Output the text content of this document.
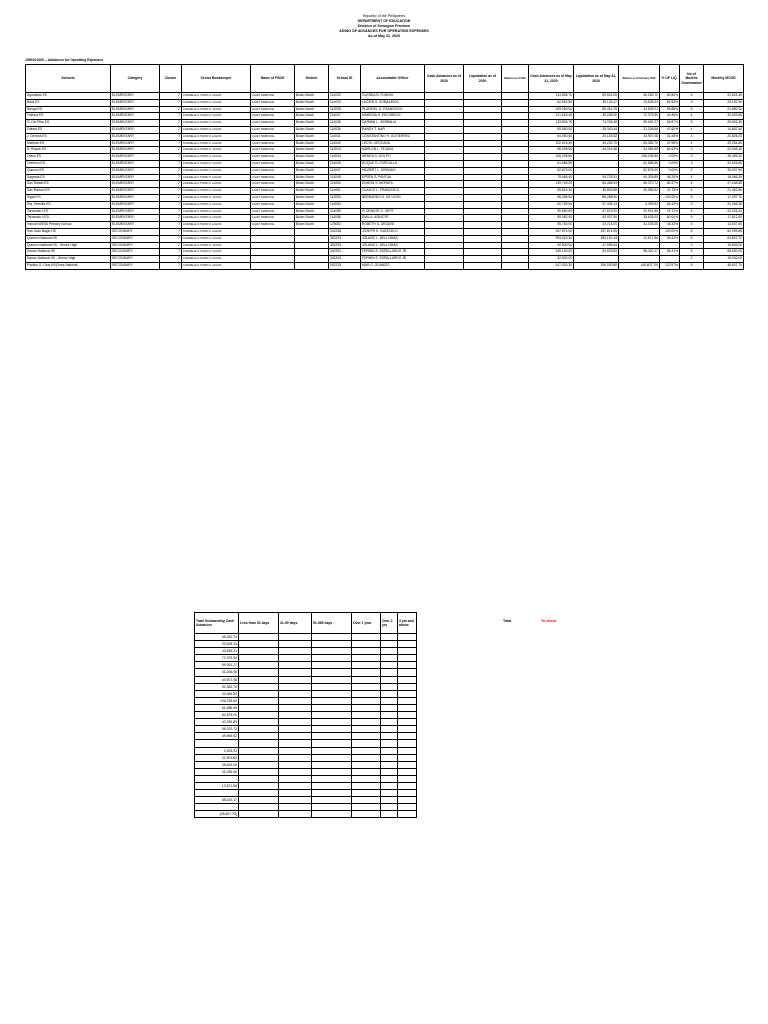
Republic of the Philippines
DEPARTMENT OF EDUCATION
Division of Sorsogon Province
AGING OF ADVANCES FOR OPERATING EXPENSES
As of May 31, 2020
1990101000 -- Advances for Operating Expenses
Schools	Category	Cluster	Senior Bookkeeper	Name of PSDS	District	School ID	Accountable Officer	Cash Advances as of 2020	Liquidation as of 2020	Balance as of 2020	Cash Advances as of May 31, 2020	Liquidation as of May 31, 2020	Balance as of February, 2020	% OF LIQ.	No of Months Downloaded	Monthly MOOE
Aguinaldo ES	ELEMENTARY	7	JANUBELLE O.TURNO O. LAGATA	JULIET TAMBOONG	Bulan South	114032	GLENDA N. FUNING			-	114,806.75	69,524.05	45,282.70	60.56%	5	22,641.35
Bilos ES	ELEMENTARY	7	JANUBELLE O.TURNO O. LAGATA	JULIET TAMBOONG	Bulan South	114033	LUCIEN S. SOMALINOG			-	62,562.50	39,134.17	23,528.33	62.55%	3	20,187.50
Bunga ES	ELEMENTARY	7	JANUBELLE O.TURNO O. LAGATA	JULIET TAMBOONG	Bulan South	114035	PLARIDEL G. FRANCISCO			-	109,250.00	65,414.79	43,835.21	59.88%	5	21,850.00
Fabrica ES	ELEMENTARY	7	JANUBELLE O.TURNO O. LAGATA	JULIET TAMBOONG	Bulan South	114037	MARISSA H. ESCOBEDO			-	121,615.40	49,235.50	72,379.90	40.48%	4	30,903.85
G. Del Pilar ES	ELEMENTARY	7	JANUBELLE O.TURNO O. LAGATA	JULIET TAMBOONG	Bulan South	114038	DARWIN L. GERBALIA			-	133,806.75	74,755.48	59,051.27	55.87%	5	26,983.35
Gatoet ES	ELEMENTARY	7	JANUBELLE O.TURNO O. LAGATA	JULIET TAMBOONG	Bulan South	114039	RANDY T. NAR			-	59,550.00	28,343.44	31,206.56	47.60%	4	14,887.50
J. Gerona ES	ELEMENTARY	7	JANUBELLE O.TURNO O. LAGATA	JULIET TAMBOONG	Bulan South	114041	CONSTANTINO H. GUTIERREZ			-	64,060.60	20,153.52	43,907.08	31.46%	3	20,826.20
Marinas ES	ELEMENTARY	7	JANUBELLE O.TURNO O. LAGATA	JULIET TAMBOONG	Bulan South	114042	LEO B. GEOCADA			-	102,615.40	49,232.70	53,382.70	47.98%	4	25,254.85
S. Roque ES	ELEMENTARY	7	JANUBELLE O.TURNO O. LAGATA	JULIET TAMBOONG	Bulan South	114043	MARLON L. TEJADA			-	68,099.05	44,014.46	24,084.59	64.63%	3	22,346.35
Otavo ES	ELEMENTARY	7	JANUBELLE O.TURNO O. LAGATA	JULIET TAMBOONG	Bulan South	114044	NENITA D. GOLPO			-	106,235.60	-	106,235.60	0.00%	3	35,495.20
Orimeno ES	ELEMENTARY	7	JANUBELLE O.TURNO O. LAGATA	JULIET TAMBOONG	Bulan South	114045	ROQUE G. PORCALLA			-	61,686.55	-	61,686.55	0.00%	3	20,526.85
Quezon ES	ELEMENTARY	7	JANUBELLE O.TURNO O. LAGATA	JULIET TAMBOONG	Bulan South	114047	MILBERT L. GIPANAO			-	62,875.00	-	62,875.00	0.00%	2	30,937.50
Sagrada ES	ELEMENTARY	7	JANUBELLE O.TURNO O. LAGATA	JULIET TAMBOONG	Bulan South	114048	EFREN S. PANTUA			-	75,065.40	34,725.51	40,339.89	46.26%	4	18,366.35
San Rafael ES	ELEMENTARY	7	JANUBELLE O.TURNO O. LAGATA	JULIET TAMBOONG	Bulan South	114050	EDMON S. MORATA			-	139,749.25	84,468.53	55,370.72	60.37%	5	27,638.85
San Ramon ES	ELEMENTARY	7	JANUBELLE O.TURNO O. LAGATA	JULIET TAMBOONG	Bulan South	114051	GLADYS L. FRANCISCO			-	85,815.40	35,849.88	49,965.52	41.78%	4	21,453.85
Sigad ES	ELEMENTARY	7	JANUBELLE O.TURNO O. LAGATA	JULIET TAMBOONG	Bulan South	114053	BERNARDO G. DE LEON			-	86,288.50	86,288.50	-	100.00%	5	17,257.70
Sta. Teresita ES	ELEMENTARY	7	JANUBELLE O.TURNO O. LAGATA	JULIET TAMBOONG	Bulan South	114054				-	60,799.05	57,405.13	3,393.92	94.42%	3	20,266.35
Taromata I ES	ELEMENTARY	7	JANUBELLE O.TURNO O. LAGATA	JULIET TAMBOONG	Bulan South	114055	FLORANTE G. GIPIT			-	90,580.80	67,679.20	22,901.60	74.72%	4	22,245.20
Taromata II ES	ELEMENTARY	7	JANUBELLE O.TURNO O. LAGATA	JULIET TAMBOONG	Bulan South	114056	EMIL A. ASINOTE			-	89,062.50	53,437.50	35,625.00	60.00%	5	17,812.50
Inwood WESA Primary School	ELEMENTARY	7	JANUBELLE O.TURNO O. LAGATA	JULIET TAMBOONG	Bulan South	175002	ROBETH G. DEDASE			-	55,750.00	24,715.00	31,035.00	44.33%	3	13,537.50
San Juan Bagio HS	SECONDARY	7	JANUBELLE O.TURNO O. LAGATA			302238	JOSEPH E. GATACELO			-	257,874.05	257,874.05	-	100.00%	5	52,095.85
Quezon National HS	SECONDARY	7	JANUBELLE O.TURNO O. LAGATA			302233	JOLANO L. DELLOMAS			-	393,023.30	380,151.44	12,871.86	93.44%	5	64,807.70
Quezon National HS - Senior High	SECONDARY	7	JANUBELLE O.TURNO O. LAGATA			302233	JOLANO L. DELLOMAS			-	50,500.00	47,955.63	-		3	16,833.00
Danao National HS	SECONDARY	7	JANUBELLE O.TURNO O. LAGATA			302203	FERMIN S. ESPALLARDO JR			-	345,150.00	94,929.83	58,420.17	85.31%	5	68,830.00
Danao National HS - Senior High	SECONDARY	7	JANUBELLE O.TURNO O. LAGATA			302203	FERMIN S. ESPALLARDO JR			-	32,000.00				2	15,000.00
Paulino G. Gius HS(Oses National	SECONDARY	7	JANUBELLE O.TURNO O. LAGATA			302215	MAR G. GUANIZO			-	247,423.30	296,030.80	(48,607.70)	122.97%	5	48,607.70
Total Outstanding Cash Advances	Less than 30 days	31-90 days	91-365 days	Over 1 year	Over 2 yrs	3 yrs and above
45,282.70						
23,528.33						
43,835.21						
72,379.90						
59,051.27						
31,206.56						
43,907.08						
53,382.70						
24,084.59						
106,235.60						
61,686.55						
62,875.00						
40,339.89						
55,370.72						
49,965.52						
-						
3,393.92						
22,901.60						
35,625.00						
31,035.00						
-						
12,871.86						
-						
58,420.17						
-						
(48,607.70)						
Total	To check
